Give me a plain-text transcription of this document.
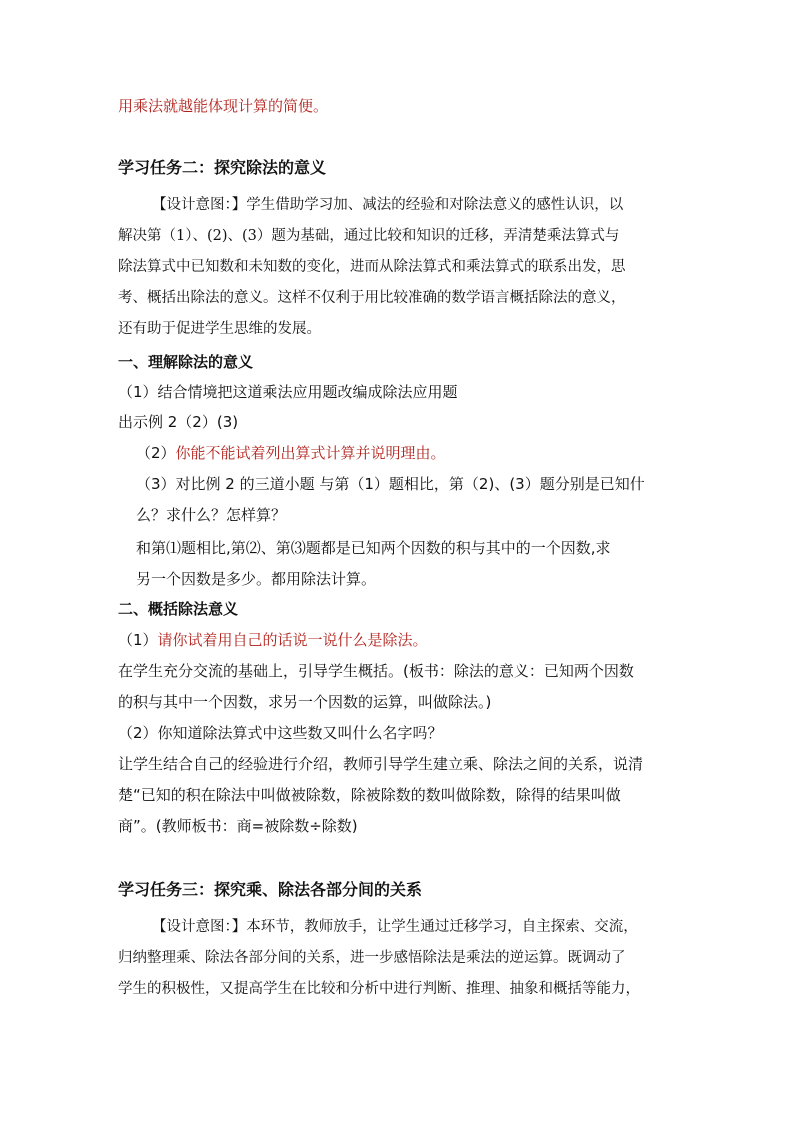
用乘法就越能体现计算的简便。
学习任务二：探究除法的意义
【设计意图：】学生借助学习加、减法的经验和对除法意义的感性认识，以
解决第（1）、(2)、(3）题为基础，通过比较和知识的迁移，弄清楚乘法算式与
除法算式中已知数和未知数的变化，进而从除法算式和乘法算式的联系出发，思
考、概括出除法的意义。这样不仅利于用比较准确的数学语言概括除法的意义，
还有助于促进学生思维的发展。
一、理解除法的意义
（1）结合情境把这道乘法应用题改编成除法应用题
出示例 2（2）(3)
（2）你能不能试着列出算式计算并说明理由。
（3）对比例 2 的三道小题 与第（1）题相比，第（2)、(3）题分别是已知什
么？求什么？怎样算？
和第⑴题相比,第⑵、第⑶题都是已知两个因数的积与其中的一个因数,求
另一个因数是多少。都用除法计算。
二、概括除法意义
（1）请你试着用自己的话说一说什么是除法。
在学生充分交流的基础上，引导学生概括。(板书：除法的意义：已知两个因数
的积与其中一个因数，求另一个因数的运算，叫做除法。)
（2）你知道除法算式中这些数又叫什么名字吗？
让学生结合自己的经验进行介绍，教师引导学生建立乘、除法之间的关系，说清
楚“已知的积在除法中叫做被除数，除被除数的数叫做除数，除得的结果叫做
商”。(教师板书：商=被除数÷除数)
学习任务三：探究乘、除法各部分间的关系
【设计意图：】本环节，教师放手，让学生通过迁移学习，自主探索、交流，
归纳整理乘、除法各部分间的关系，进一步感悟除法是乘法的逆运算。既调动了
学生的积极性，又提高学生在比较和分析中进行判断、推理、抽象和概括等能力，
